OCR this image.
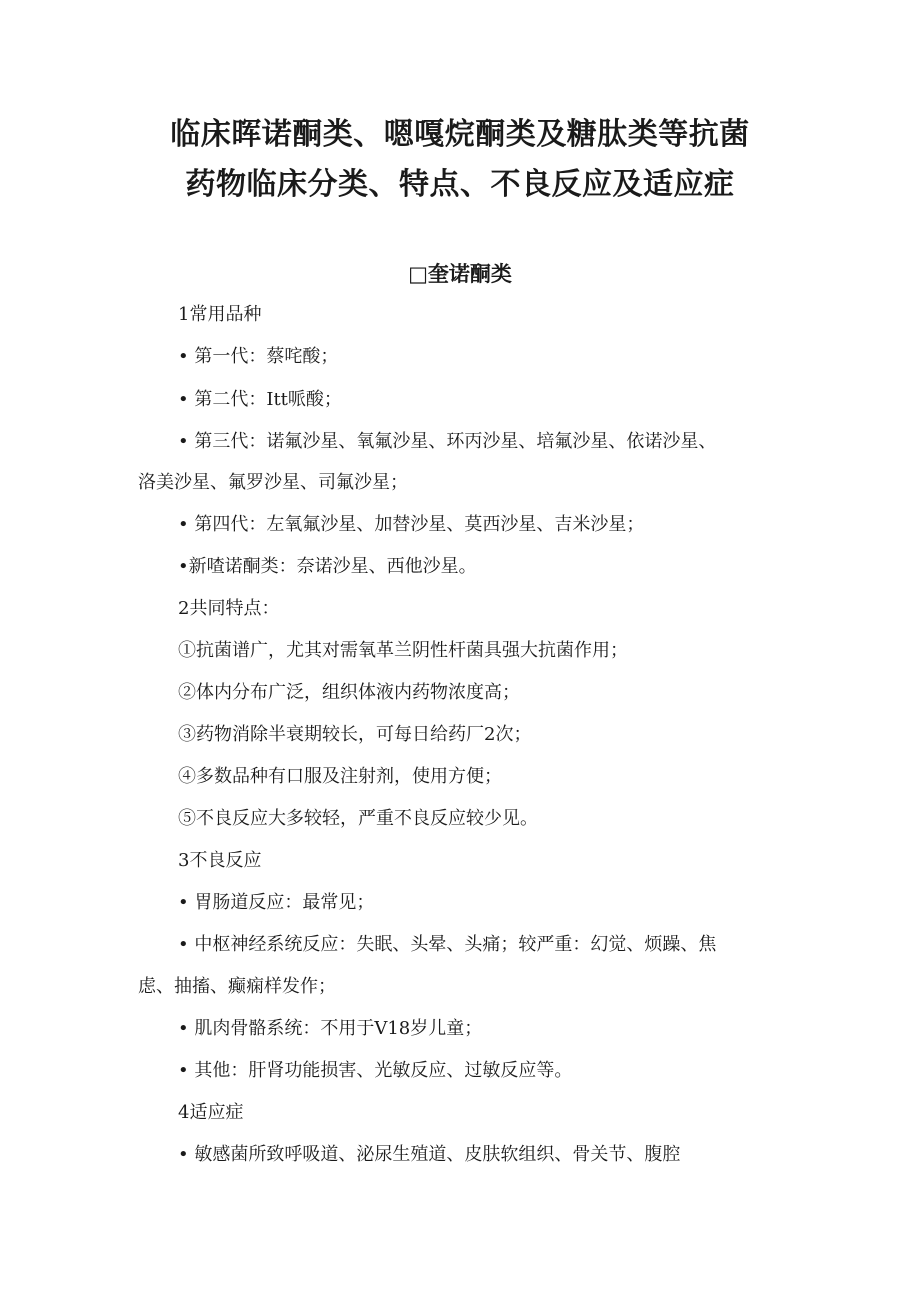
临床晖诺酮类、嗯嘎烷酮类及糖肽类等抗菌
药物临床分类、特点、不良反应及适应症
□奎诺酮类
1常用品种
• 第一代：蔡咤酸；
• 第二代：Itt哌酸；
• 第三代：诺氟沙星、氧氟沙星、环丙沙星、培氟沙星、依诺沙星、
洛美沙星、氟罗沙星、司氟沙星；
• 第四代：左氧氟沙星、加替沙星、莫西沙星、吉米沙星；
•新喳诺酮类：奈诺沙星、西他沙星。
2共同特点：
①抗菌谱广，尤其对需氧革兰阴性杆菌具强大抗菌作用；
②体内分布广泛，组织体液内药物浓度高；
③药物消除半衰期较长，可每日给药厂2次；
④多数品种有口服及注射剂，使用方便；
⑤不良反应大多较轻，严重不良反应较少见。
3不良反应
• 胃肠道反应：最常见；
• 中枢神经系统反应：失眠、头晕、头痛；较严重：幻觉、烦躁、焦
虑、抽搐、癫痫样发作；
• 肌肉骨骼系统：不用于V18岁儿童；
• 其他：肝肾功能损害、光敏反应、过敏反应等。
4适应症
• 敏感菌所致呼吸道、泌尿生殖道、皮肤软组织、骨关节、腹腔
